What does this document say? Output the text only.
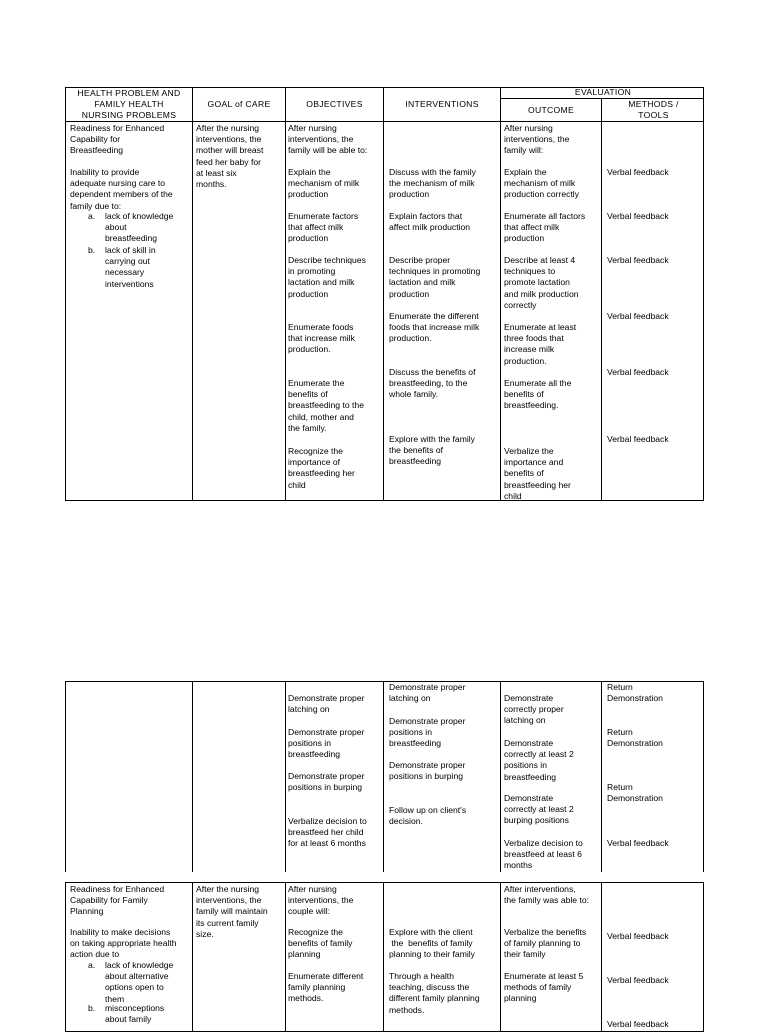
HEALTH PROBLEM AND
FAMILY HEALTH
NURSING PROBLEMS
GOAL of CARE	OBJECTIVES	INTERVENTIONS
EVALUATION
OUTCOME
METHODS /
TOOLS
Readiness for Enhanced
Capability for
Breastfeeding
Inability to provide
adequate nursing care to
dependent members of the
family due to:
a. lack of knowledge
about
breastfeeding
b. lack of skill in
carrying out
necessary
interventions
After the nursing
interventions, the
mother will breast
feed her baby for
at least six
months.
After nursing
interventions, the
family will be able to:
Explain the
mechanism of milk
production
Enumerate factors
that affect milk
production
Describe techniques
in promoting
lactation and milk
production
Enumerate foods
that increase milk
production.
Enumerate the
benefits of
breastfeeding to the
child, mother and
the family.
Recognize the
importance of
breastfeeding her
child
Discuss with the family
the mechanism of milk
production
Explain factors that
affect milk production
Describe proper
techniques in promoting
lactation and milk
production
Enumerate the different
foods that increase milk
production.
Discuss the benefits of
breastfeeding, to the
whole family.
Explore with the family
the benefits of
breastfeeding
After nursing
interventions, the
family will:
Explain the
mechanism of milk
production correctly
Enumerate all factors
that affect milk
production
Describe at least 4
techniques to
promote lactation
and milk production
correctly
Enumerate at least
three foods that
increase milk
production.
Enumerate all the
benefits of
breastfeeding.
Verbalize the
importance and
benefits of
breastfeeding her
child
Verbal feedback
Verbal feedback
Verbal feedback
Verbal feedback
Verbal feedback
Verbal feedback
Demonstrate proper
latching on
Demonstrate proper
positions in
breastfeeding
Demonstrate proper
positions in burping
Verbalize decision to
breastfeed her child
for at least 6 months
Demonstrate proper
latching on
Demonstrate proper
positions in
breastfeeding
Demonstrate proper
positions in burping
Follow up on client's
decision.
Demonstrate
correctly proper
latching on
Demonstrate
correctly at least 2
positions in
breastfeeding
Demonstrate
correctly at least 2
burping positions
Verbalize decision to
breastfeed at least 6
months
Return
Demonstration
Return
Demonstration
Return
Demonstration
Verbal feedback
Readiness for Enhanced
Capability for Family
Planning
Inability to make decisions
on taking appropriate health
action due to
a. lack of knowledge
about alternative
options open to
them
b. misconceptions
about family
After the nursing
interventions, the
family will maintain
its current family
size.
After nursing
interventions, the
couple will:
Recognize the
benefits of family
planning
Enumerate different
family planning
methods.
Explore with the client
the  benefits of family
planning to their family
Through a health
teaching, discuss the
different family planning
methods.
After interventions,
the family was able to:
Verbalize the benefits
of family planning to
their family
Enumerate at least 5
methods of family
planning
Verbal feedback
Verbal feedback
Verbal feedback
